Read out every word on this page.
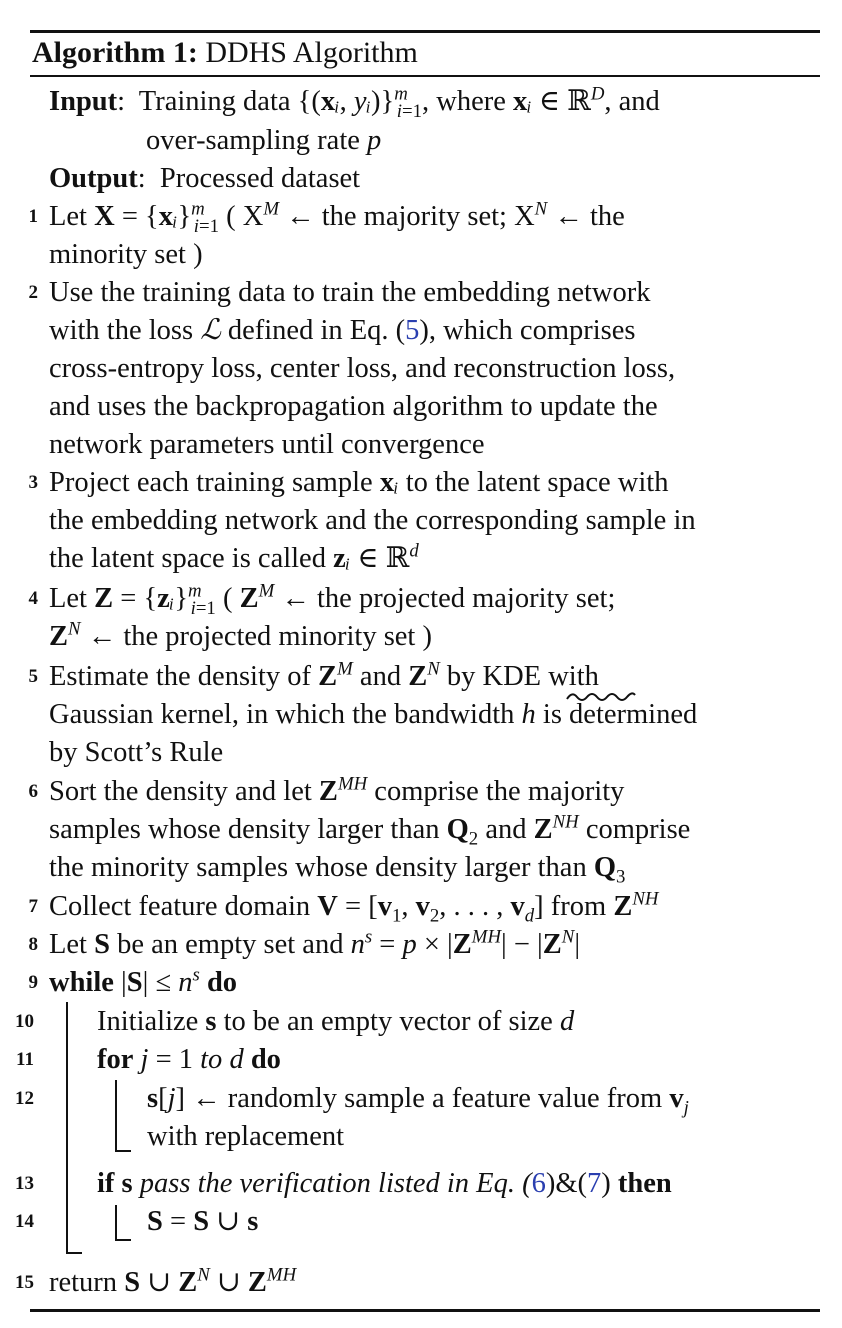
Algorithm 1: DDHS Algorithm
Input:  Training data {(xᵢ, yᵢ)}$^m_{i=1}$, where xᵢ ∈ ℝ$^D$, and
over-sampling rate p
Output:  Processed dataset
1 Let X = {xᵢ}$^m_{i=1}$ ( $X^M$ ← the majority set; $X^N$ ← the
minority set )
2 Use the training data to train the embedding network
with the loss ℒ defined in Eq. (5), which comprises
cross-entropy loss, center loss, and reconstruction loss,
and uses the backpropagation algorithm to update the
network parameters until convergence
3 Project each training sample xᵢ to the latent space with
the embedding network and the corresponding sample in
the latent space is called zᵢ ∈ ℝ$^d$
4 Let Z = {zᵢ}$^m_{i=1}$ ( $Z^M$ ← the projected majority set;
$Z^N$ ← the projected minority set )
5 Estimate the density of $Z^M$ and $Z^N$ by KDE with
Gaussian kernel, in which the bandwidth h is determined
by Scott’s Rule
6 Sort the density and let $Z^{MH}$ comprise the majority
samples whose density larger than $Q_2$ and $Z^{NH}$ comprise
the minority samples whose density larger than $Q_3$
7 Collect feature domain $V = [v_1$, $v_2$, . . . , $v_d$] from $Z^{NH}$
8 Let S be an empty set and $n^s = p \times |Z^{MH}| - |Z^N|$
9 while $|S| \le n^s$ do
10 Initialize s to be an empty vector of size d
11 for j = 1 to d do
12	s[j] ← randomly sample a feature value from $v_j$
with replacement
13 if s pass the verification listed in Eq. (6)&(7) then
14	S = S ∪ s
15 return S ∪ $Z^N$ ∪ $Z^{MH}$
